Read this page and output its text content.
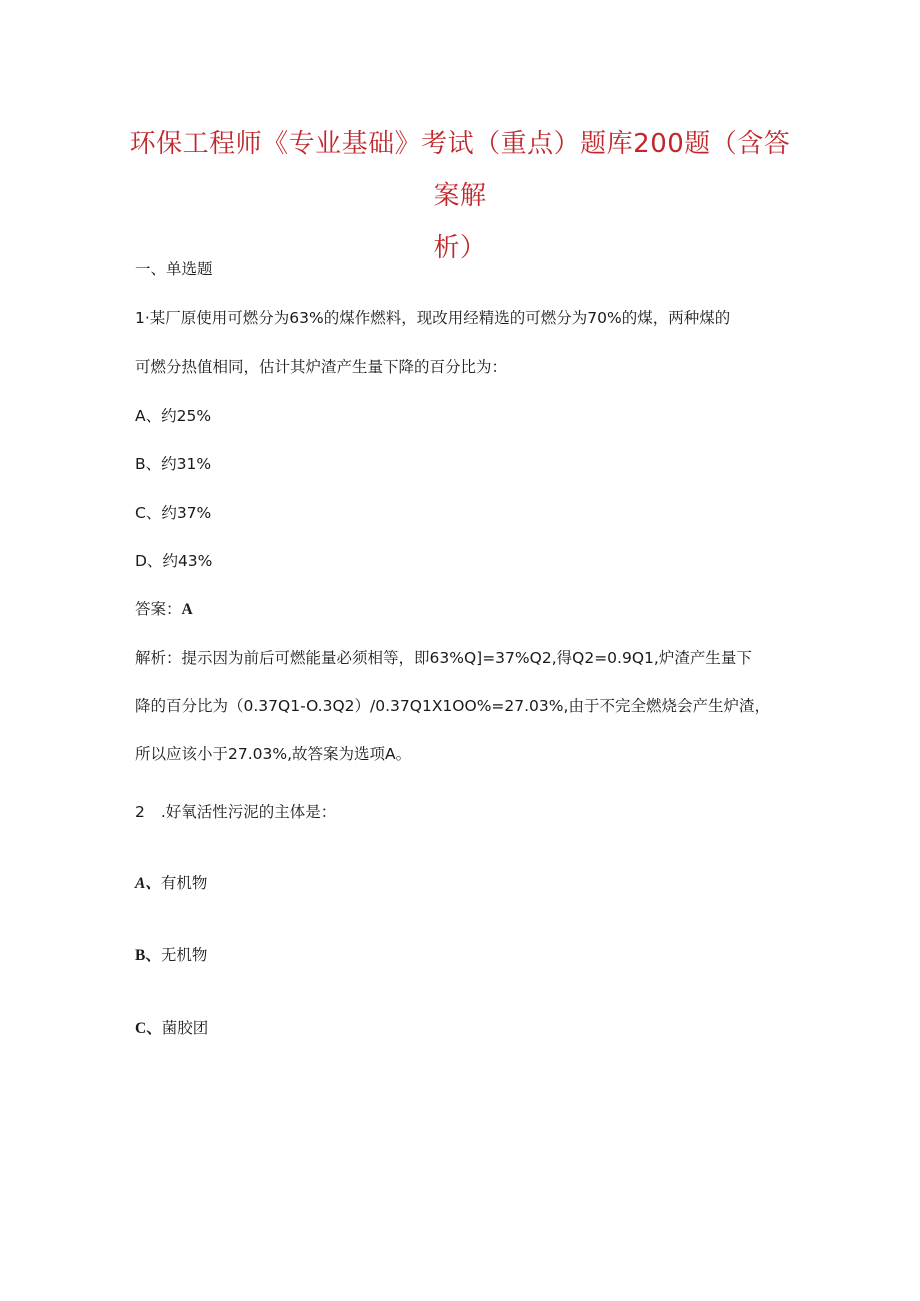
环保工程师《专业基础》考试（重点）题库200题（含答案解
析）
一、单选题
1·某厂原使用可燃分为63%的煤作燃料，现改用经精选的可燃分为70%的煤，两种煤的
可燃分热值相同，估计其炉渣产生量下降的百分比为：
A、约25%
B、约31%
C、约37%
D、约43%
答案：A
解析：提示因为前后可燃能量必须相等，即63%Q]=37%Q2,得Q2=0.9Q1,炉渣产生量下
降的百分比为（0.37Q1-O.3Q2）/0.37Q1X1OO%=27.03%,由于不完全燃烧会产生炉渣，
所以应该小于27.03%,故答案为选项A。
2 .好氧活性污泥的主体是：
A、有机物
B、无机物
C、菌胶团
